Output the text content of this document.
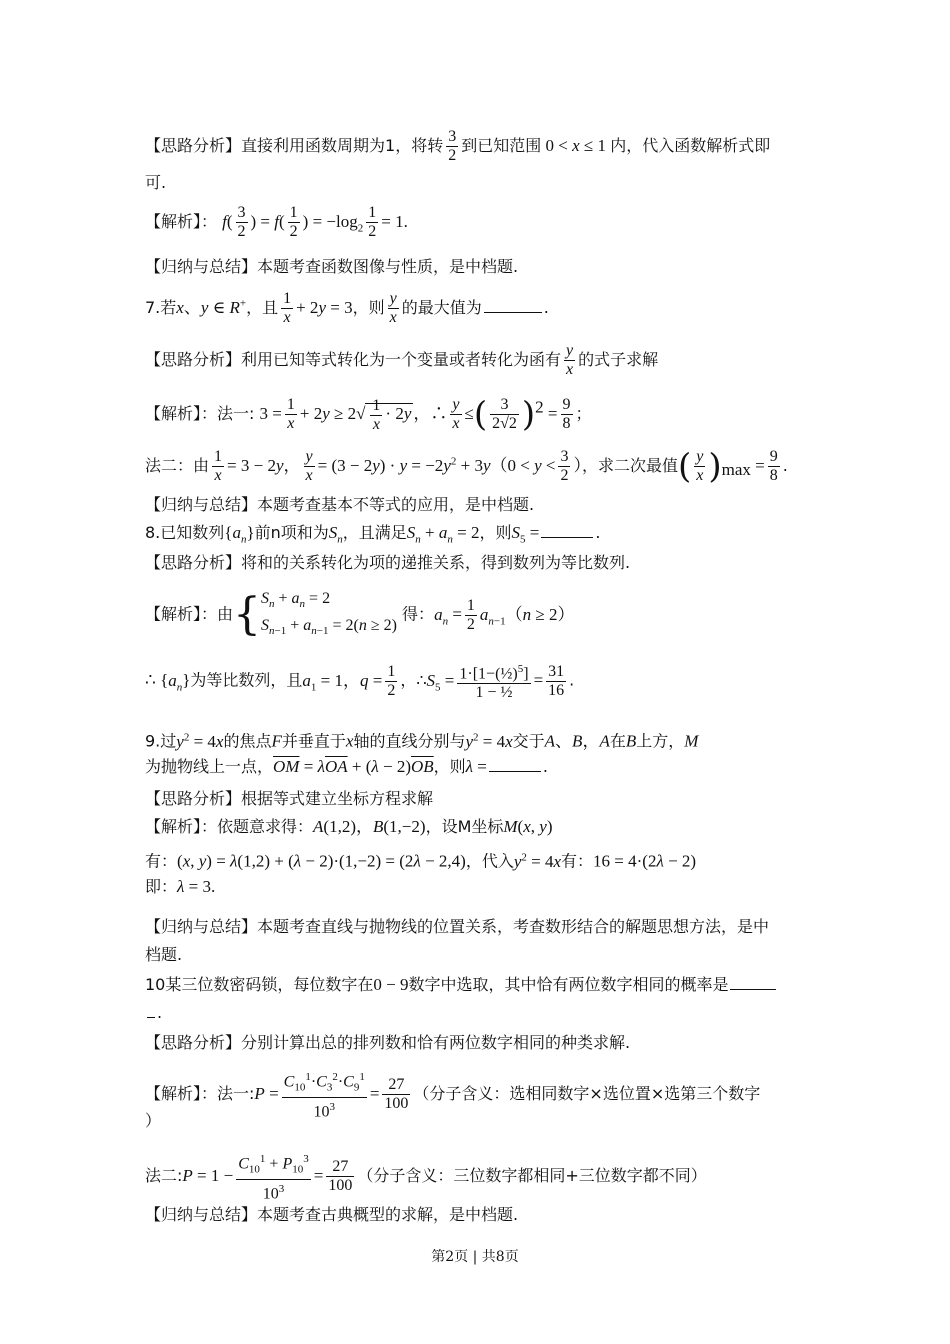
【思路分析】直接利用函数周期为1，将转 $\frac{3}{2}$ 到已知范围 0 < x ≤ 1 内，代入函数解析式即
可.
【解析】： $f( \frac{3}{2}$ ) = $f( \frac{1}{2}$ ) = $-\log_2 \frac{1}{2} = 1$.
【归纳与总结】本题考查函数图像与性质，是中档题.
7.若x、y ∈ R+，且 $\frac{1}{x} + 2y = 3$，则 $\frac{y}{x}$ 的最大值为	.
【思路分析】利用已知等式转化为一个变量或者转化为函有 $\frac{y}{x}$ 的式子求解
【解析】：法一: $3 = \frac{1}{x} + 2y \ge 2√ \frac{1}{x} \cdot 2y$ ，∴ $\frac{y}{x}$ ≤( $\frac{3}{2√2} )^2 = \frac{9}{8}$ ；
法二：由 $\frac{1}{x} = 3 - 2y$， $\frac{y}{x} = (3 - 2y) \cdot y = -2y^2 + 3y(0 < y < \frac{3}{2}$ ），求二次最值( $\frac{y}{x} )_{max} = \frac{9}{8}$ .
【归纳与总结】本题考查基本不等式的应用，是中档题.
8.已知数列$\{a_n\}$前n项和为$S_n$，且满足$S_n + a_n = 2$，则$S_5$ =	.
【思路分析】将和的关系转化为项的递推关系，得到数列为等比数列.
【解析】：由{ $S_n + a_n = 2$
$S_{n-1} + a_{n-1} = 2(n \ge 2)$
得：$a_n = \frac{1}{2} a_{n-1}(n \ge 2)$
∴ $\{a_n\}$为等比数列，且$a_1 = 1$，$q = \frac{1}{2}$ ，$\therefore S_5 = \frac{1\cdot[1-(\frac{1}{2})^5]}{\text{1 − ½}} = \frac{31}{16}$ .
9.过$y^2 = 4x$的焦点F并垂直于x轴的直线分别与$y^2 = 4x$交于A、B，A在B上方，M
为抛物线上一点，$\overline{OM} = \lambda\overline{OA} + (\lambda - 2)\overline{OB}$，则λ =	.
【思路分析】根据等式建立坐标方程求解
【解析】：依题意求得：A(1,2)，B(1,−2)，设M坐标M(x, y)
有：(x, y) = λ(1,2) + (λ − 2)·(1,−2) = (2λ − 2,4)，代入$y^2 = 4x$有：16 = 4·(2λ − 2)
即：λ = 3.
【归纳与总结】本题考查直线与抛物线的位置关系，考查数形结合的解题思想方法，是中
档题.
10某三位数密码锁，每位数字在0 − 9数字中选取，其中恰有两位数字相同的概率是
.
【思路分析】分别计算出总的排列数和恰有两位数字相同的种类求解.
【解析】：法一:P = $\frac{C_{10}^1\cdot C_3^2\cdot C_9^1}{10^3} = \frac{27}{100}$ （分子含义：选相同数字×选位置×选第三个数字
）
法二:P = $1 - \frac{C_{10}^1 + P_{10}^3}{10^3} = \frac{27}{100}$ （分子含义：三位数字都相同+三位数字都不同）
【归纳与总结】本题考查古典概型的求解，是中档题.
第2页 | 共8页
